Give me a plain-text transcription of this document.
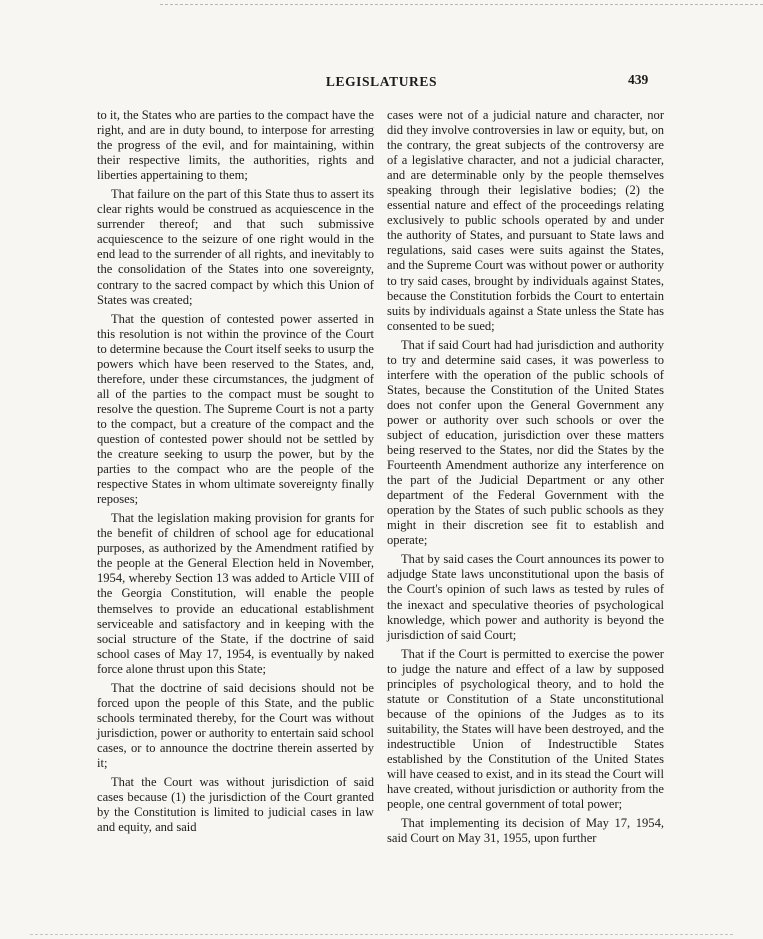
LEGISLATURES	439

to it, the States who are parties to the compact have the right, and are in duty bound, to interpose for arresting the progress of the evil, and for maintaining, within their respective limits, the authorities, rights and liberties appertaining to them;

That failure on the part of this State thus to assert its clear rights would be construed as acquiescence in the surrender thereof; and that such submissive acquiescence to the seizure of one right would in the end lead to the surrender of all rights, and inevitably to the consolidation of the States into one sovereignty, contrary to the sacred compact by which this Union of States was created;

That the question of contested power asserted in this resolution is not within the province of the Court to determine because the Court itself seeks to usurp the powers which have been reserved to the States, and, therefore, under these circumstances, the judgment of all of the parties to the compact must be sought to resolve the question. The Supreme Court is not a party to the compact, but a creature of the compact and the question of contested power should not be settled by the creature seeking to usurp the power, but by the parties to the compact who are the people of the respective States in whom ultimate sovereignty finally reposes;

That the legislation making provision for grants for the benefit of children of school age for educational purposes, as authorized by the Amendment ratified by the people at the General Election held in November, 1954, whereby Section 13 was added to Article VIII of the Georgia Constitution, will enable the people themselves to provide an educational establishment serviceable and satisfactory and in keeping with the social structure of the State, if the doctrine of said school cases of May 17, 1954, is eventually by naked force alone thrust upon this State;

That the doctrine of said decisions should not be forced upon the people of this State, and the public schools terminated thereby, for the Court was without jurisdiction, power or authority to entertain said school cases, or to announce the doctrine therein asserted by it;

That the Court was without jurisdiction of said cases because (1) the jurisdiction of the Court granted by the Constitution is limited to judicial cases in law and equity, and said

cases were not of a judicial nature and character, nor did they involve controversies in law or equity, but, on the contrary, the great subjects of the controversy are of a legislative character, and not a judicial character, and are determinable only by the people themselves speaking through their legislative bodies; (2) the essential nature and effect of the proceedings relating exclusively to public schools operated by and under the authority of States, and pursuant to State laws and regulations, said cases were suits against the States, and the Supreme Court was without power or authority to try said cases, brought by individuals against States, because the Constitution forbids the Court to entertain suits by individuals against a State unless the State has consented to be sued;

That if said Court had had jurisdiction and authority to try and determine said cases, it was powerless to interfere with the operation of the public schools of States, because the Constitution of the United States does not confer upon the General Government any power or authority over such schools or over the subject of education, jurisdiction over these matters being reserved to the States, nor did the States by the Fourteenth Amendment authorize any interference on the part of the Judicial Department or any other department of the Federal Government with the operation by the States of such public schools as they might in their discretion see fit to establish and operate;

That by said cases the Court announces its power to adjudge State laws unconstitutional upon the basis of the Court's opinion of such laws as tested by rules of the inexact and speculative theories of psychological knowledge, which power and authority is beyond the jurisdiction of said Court;

That if the Court is permitted to exercise the power to judge the nature and effect of a law by supposed principles of psychological theory, and to hold the statute or Constitution of a State unconstitutional because of the opinions of the Judges as to its suitability, the States will have been destroyed, and the indestructible Union of Indestructible States established by the Constitution of the United States will have ceased to exist, and in its stead the Court will have created, without jurisdiction or authority from the people, one central government of total power;

That implementing its decision of May 17, 1954, said Court on May 31, 1955, upon further
